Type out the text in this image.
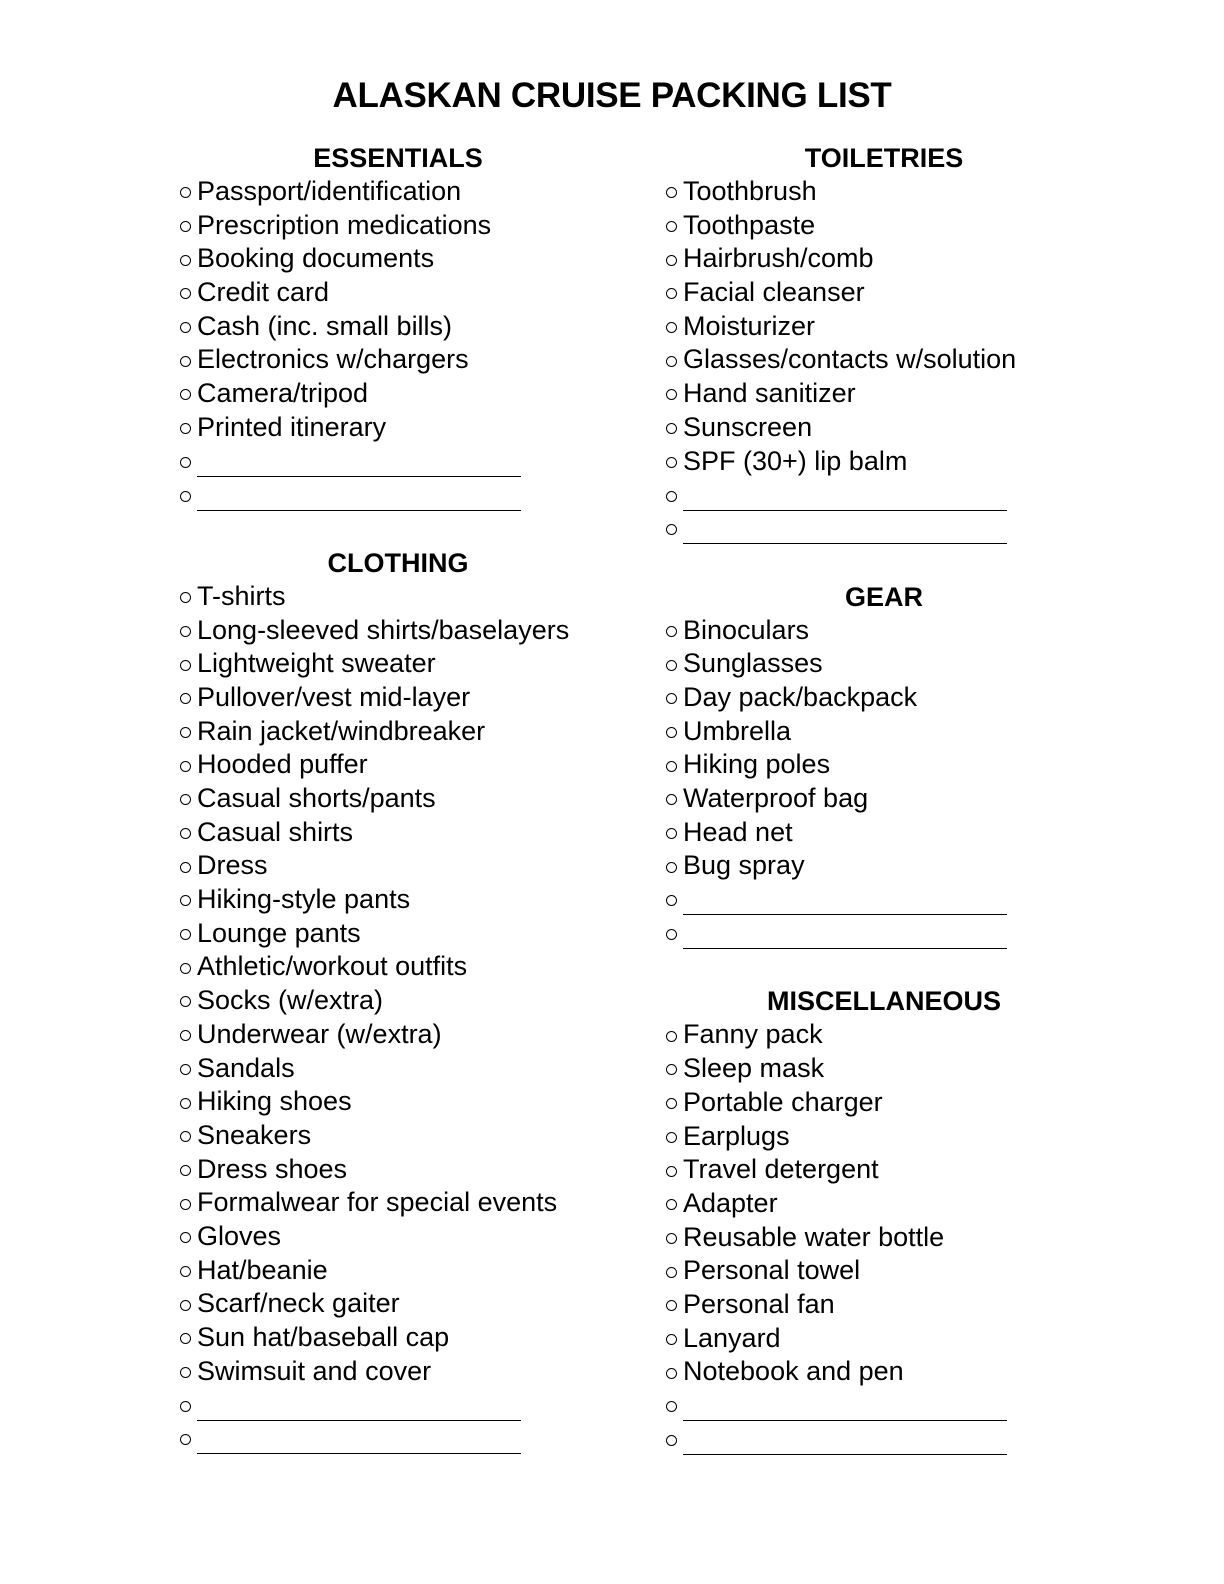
ALASKAN CRUISE PACKING LIST
ESSENTIALS
Passport/identification
Prescription medications
Booking documents
Credit card
Cash (inc. small bills)
Electronics w/chargers
Camera/tripod
Printed itinerary
CLOTHING
T-shirts
Long-sleeved shirts/baselayers
Lightweight sweater
Pullover/vest mid-layer
Rain jacket/windbreaker
Hooded puffer
Casual shorts/pants
Casual shirts
Dress
Hiking-style pants
Lounge pants
Athletic/workout outfits
Socks (w/extra)
Underwear (w/extra)
Sandals
Hiking shoes
Sneakers
Dress shoes
Formalwear for special events
Gloves
Hat/beanie
Scarf/neck gaiter
Sun hat/baseball cap
Swimsuit and cover
TOILETRIES
Toothbrush
Toothpaste
Hairbrush/comb
Facial cleanser
Moisturizer
Glasses/contacts w/solution
Hand sanitizer
Sunscreen
SPF (30+) lip balm
GEAR
Binoculars
Sunglasses
Day pack/backpack
Umbrella
Hiking poles
Waterproof bag
Head net
Bug spray
MISCELLANEOUS
Fanny pack
Sleep mask
Portable charger
Earplugs
Travel detergent
Adapter
Reusable water bottle
Personal towel
Personal fan
Lanyard
Notebook and pen
